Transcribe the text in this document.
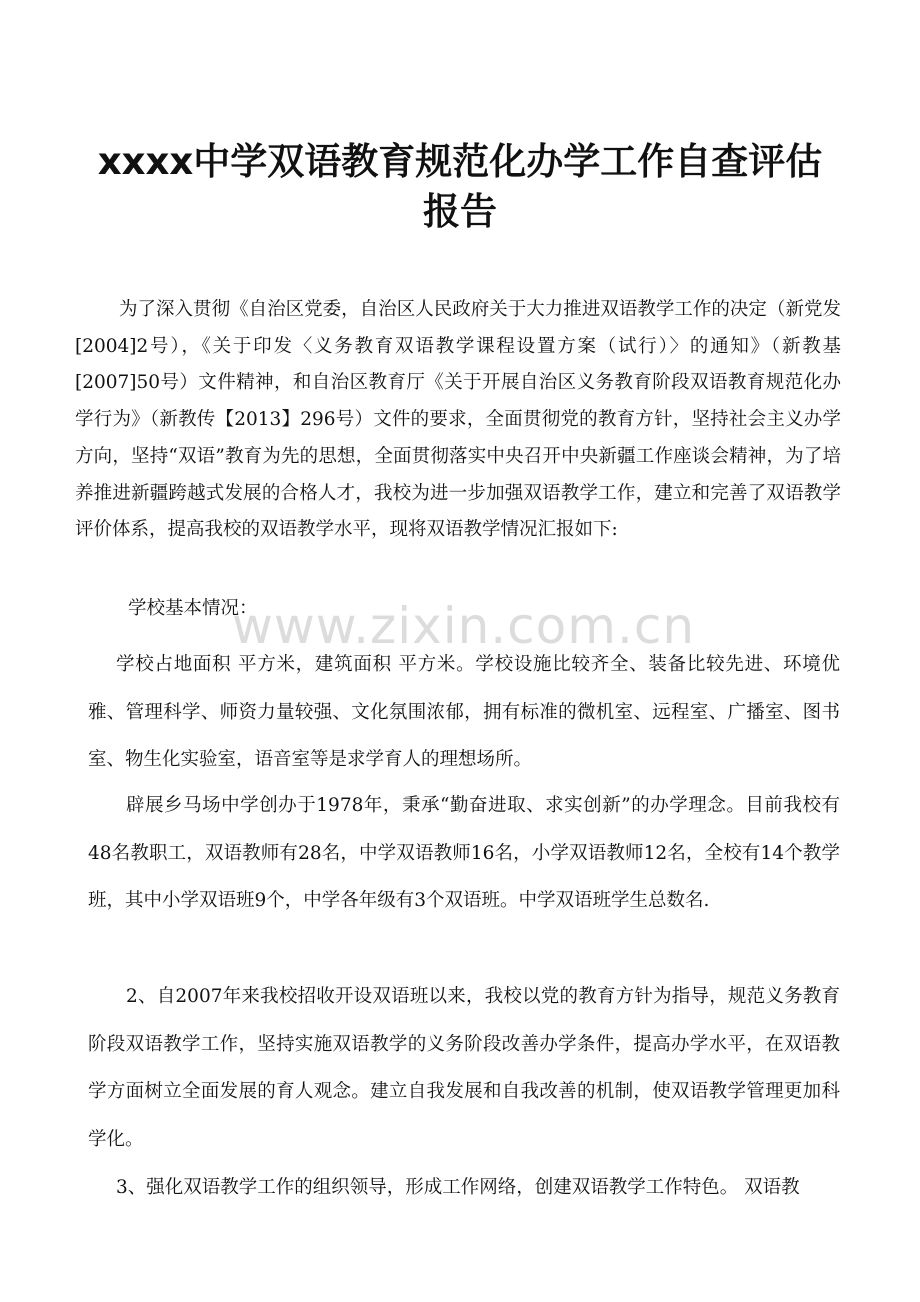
www.zixin.com.cn
xxxx中学双语教育规范化办学工作自查评估
报告

为了深入贯彻《自治区党委，自治区人民政府关于大力推进双语教学工作的决定（新党发[2004]2号），《关于印发〈义务教育双语教学课程设置方案（试行）〉的通知》（新教基[2007]50号）文件精神，和自治区教育厅《关于开展自治区义务教育阶段双语教育规范化办学行为》（新教传【2013】296号）文件的要求，全面贯彻党的教育方针，坚持社会主义办学方向，坚持“双语”教育为先的思想，全面贯彻落实中央召开中央新疆工作座谈会精神，为了培养推进新疆跨越式发展的合格人才，我校为进一步加强双语教学工作，建立和完善了双语教学评价体系，提高我校的双语教学水平，现将双语教学情况汇报如下:

学校基本情况：

学校占地面积 平方米，建筑面积 平方米。学校设施比较齐全、装备比较先进、环境优雅、管理科学、师资力量较强、文化氛围浓郁，拥有标准的微机室、远程室、广播室、图书室、物生化实验室，语音室等是求学育人的理想场所。

辟展乡马场中学创办于1978年，秉承“勤奋进取、求实创新”的办学理念。目前我校有48名教职工，双语教师有28名，中学双语教师16名，小学双语教师12名，全校有14个教学班，其中小学双语班9个，中学各年级有3个双语班。中学双语班学生总数名.

2、自2007年来我校招收开设双语班以来，我校以党的教育方针为指导，规范义务教育阶段双语教学工作，坚持实施双语教学的义务阶段改善办学条件，提高办学水平，在双语教学方面树立全面发展的育人观念。建立自我发展和自我改善的机制，使双语教学管理更加科学化。

3、强化双语教学工作的组织领导，形成工作网络，创建双语教学工作特色。 双语教
